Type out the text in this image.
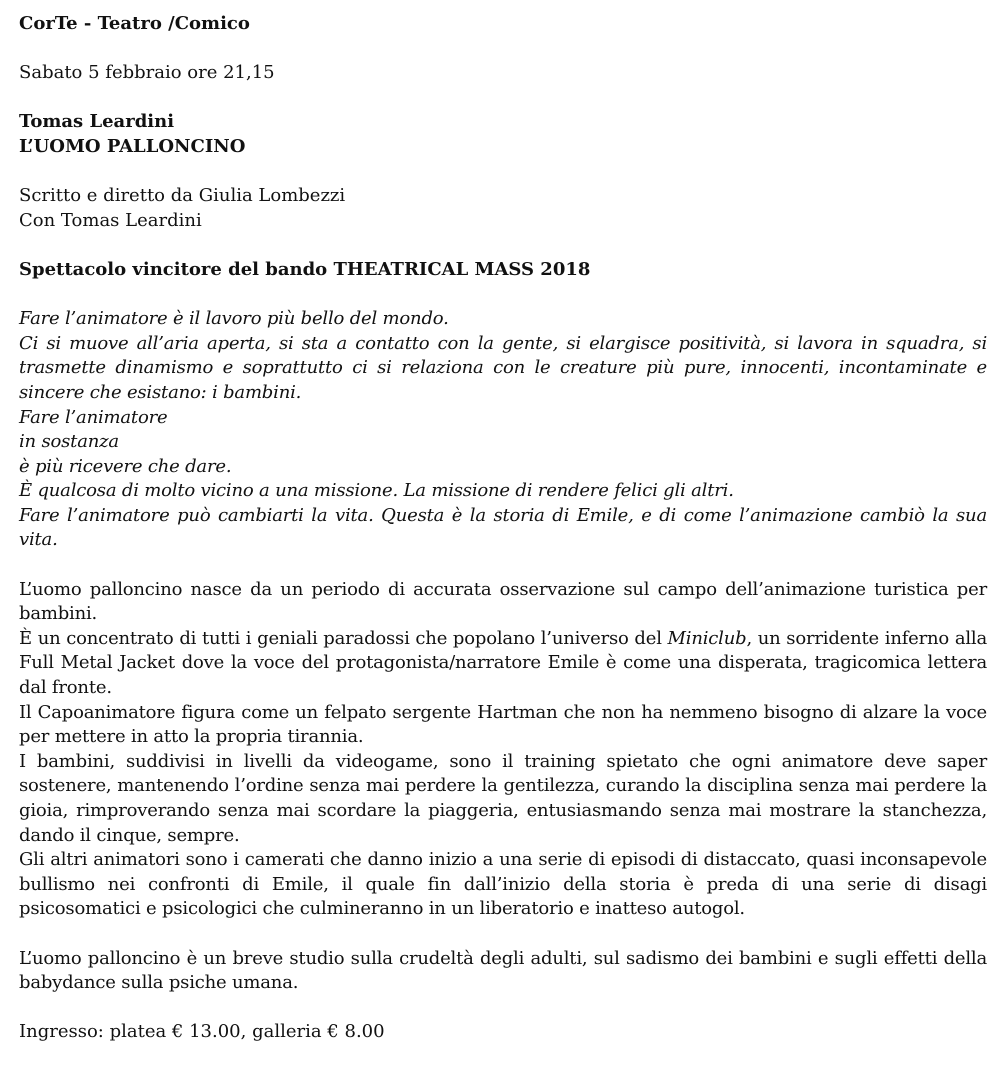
CorTe - Teatro /Comico

Sabato 5 febbraio ore 21,15

Tomas Leardini

L’UOMO PALLONCINO

Scritto e diretto da Giulia Lombezzi

Con Tomas Leardini

Spettacolo vincitore del bando THEATRICAL MASS 2018

Fare l’animatore è il lavoro più bello del mondo.

Ci si muove all’aria aperta, si sta a contatto con la gente, si elargisce positività, si lavora in squadra, si trasmette dinamismo e soprattutto ci si relaziona con le creature più pure, innocenti, incontaminate e sincere che esistano: i bambini.

Fare l’animatore

in sostanza

è più ricevere che dare.

È qualcosa di molto vicino a una missione. La missione di rendere felici gli altri.

Fare l’animatore può cambiarti la vita. Questa è la storia di Emile, e di come l’animazione cambiò la sua vita.

L’uomo palloncino nasce da un periodo di accurata osservazione sul campo dell’animazione turistica per bambini.

È un concentrato di tutti i geniali paradossi che popolano l’universo del Miniclub, un sorridente inferno alla Full Metal Jacket dove la voce del protagonista/narratore Emile è come una disperata, tragicomica lettera dal fronte.

Il Capoanimatore figura come un felpato sergente Hartman che non ha nemmeno bisogno di alzare la voce per mettere in atto la propria tirannia.

I bambini, suddivisi in livelli da videogame, sono il training spietato che ogni animatore deve saper sostenere, mantenendo l’ordine senza mai perdere la gentilezza, curando la disciplina senza mai perdere la gioia, rimproverando senza mai scordare la piaggeria, entusiasmando senza mai mostrare la stanchezza, dando il cinque, sempre.

Gli altri animatori sono i camerati che danno inizio a una serie di episodi di distaccato, quasi inconsapevole bullismo nei confronti di Emile, il quale fin dall’inizio della storia è preda di una serie di disagi psicosomatici e psicologici che culmineranno in un liberatorio e inatteso autogol.

L’uomo palloncino è un breve studio sulla crudeltà degli adulti, sul sadismo dei bambini e sugli effetti della babydance sulla psiche umana.

Ingresso: platea € 13.00, galleria € 8.00
